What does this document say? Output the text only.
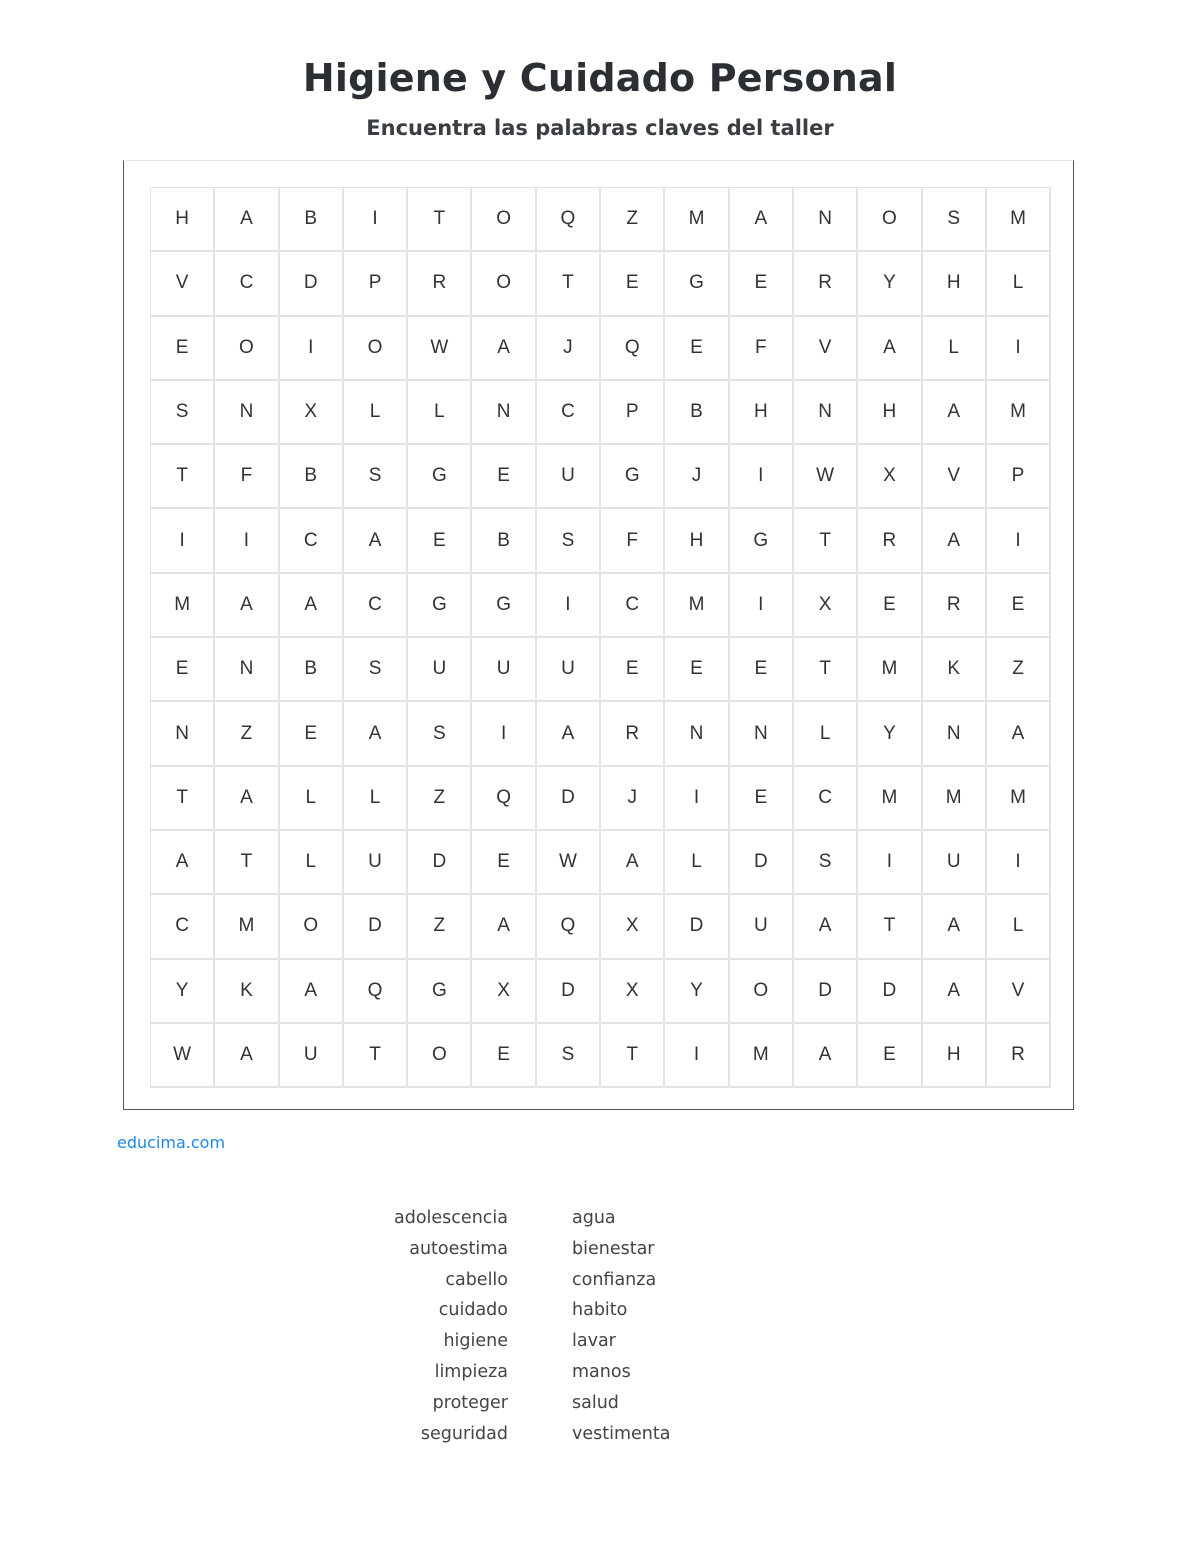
Higiene y Cuidado Personal
Encuentra las palabras claves del taller
H	A	B	I	T	O	Q	Z	M	A	N	O	S	M
V	C	D	P	R	O	T	E	G	E	R	Y	H	L
E	O	I	O	W	A	J	Q	E	F	V	A	L	I
S	N	X	L	L	N	C	P	B	H	N	H	A	M
T	F	B	S	G	E	U	G	J	I	W	X	V	P
I	I	C	A	E	B	S	F	H	G	T	R	A	I
M	A	A	C	G	G	I	C	M	I	X	E	R	E
E	N	B	S	U	U	U	E	E	E	T	M	K	Z
N	Z	E	A	S	I	A	R	N	N	L	Y	N	A
T	A	L	L	Z	Q	D	J	I	E	C	M	M	M
A	T	L	U	D	E	W	A	L	D	S	I	U	I
C	M	O	D	Z	A	Q	X	D	U	A	T	A	L
Y	K	A	Q	G	X	D	X	Y	O	D	D	A	V
W	A	U	T	O	E	S	T	I	M	A	E	H	R
educima.com
adolescencia
autoestima
cabello
cuidado
higiene
limpieza
proteger
seguridad
agua
bienestar
confianza
habito
lavar
manos
salud
vestimenta
